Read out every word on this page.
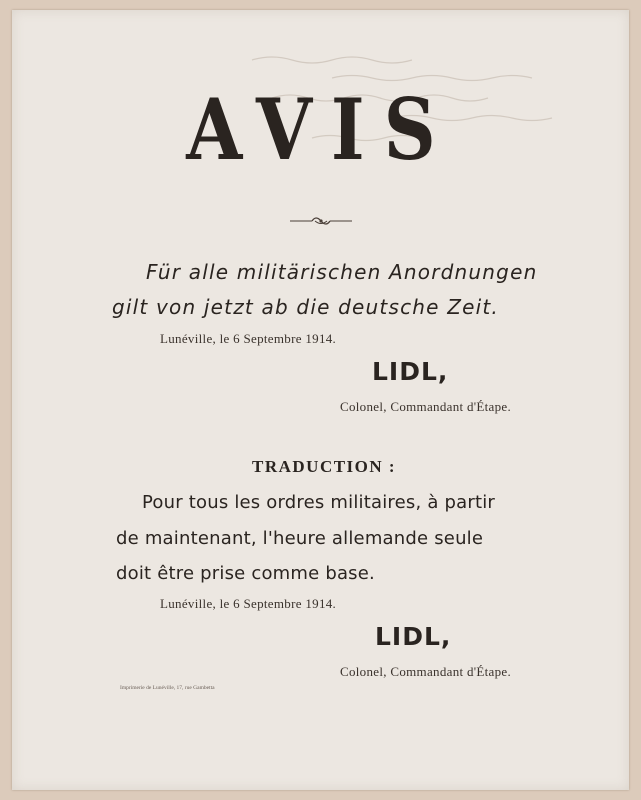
AVIS
Für alle militärischen Anordnungen
gilt von jetzt ab die deutsche Zeit.
Lunéville, le 6 Septembre 1914.
LIDL,
Colonel, Commandant d'Étape.
TRADUCTION :
Pour tous les ordres militaires, à partir
de maintenant, l'heure allemande seule
doit être prise comme base.
Lunéville, le 6 Septembre 1914.
LIDL,
Colonel, Commandant d'Étape.
Imprimerie de Lunéville, 17, rue Gambetta
